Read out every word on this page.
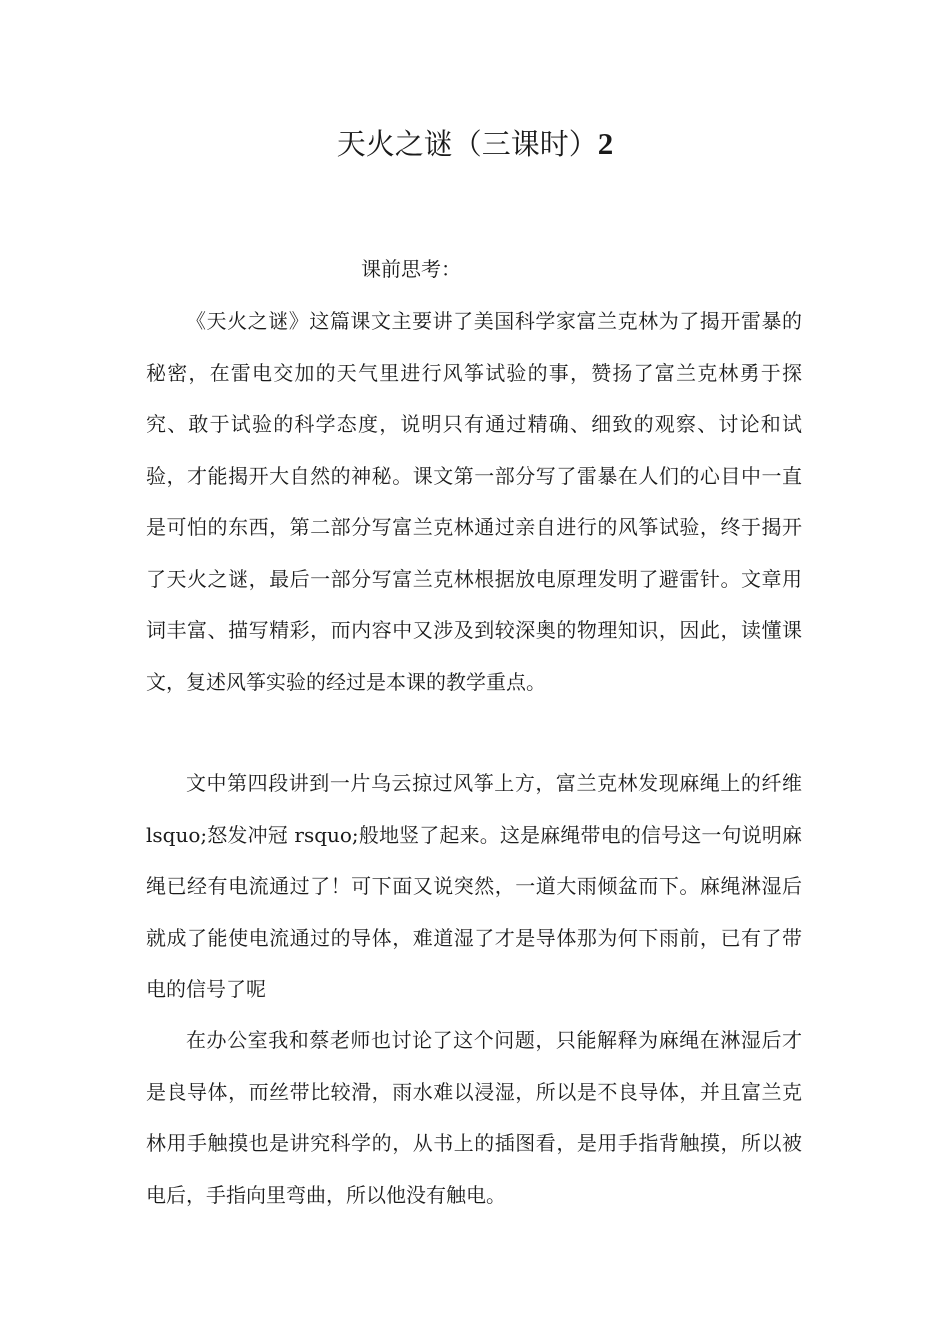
天火之谜（三课时）2
课前思考：

《天火之谜》这篇课文主要讲了美国科学家富兰克林为了揭开雷暴的秘密，在雷电交加的天气里进行风筝试验的事，赞扬了富兰克林勇于探究、敢于试验的科学态度，说明只有通过精确、细致的观察、讨论和试验，才能揭开大自然的神秘。课文第一部分写了雷暴在人们的心目中一直是可怕的东西，第二部分写富兰克林通过亲自进行的风筝试验，终于揭开了天火之谜，最后一部分写富兰克林根据放电原理发明了避雷针。文章用词丰富、描写精彩，而内容中又涉及到较深奥的物理知识，因此，读懂课文，复述风筝实验的经过是本课的教学重点。

文中第四段讲到一片乌云掠过风筝上方，富兰克林发现麻绳上的纤维 lsquo;怒发冲冠 rsquo;般地竖了起来。这是麻绳带电的信号这一句说明麻绳已经有电流通过了！可下面又说突然，一道大雨倾盆而下。麻绳淋湿后就成了能使电流通过的导体，难道湿了才是导体那为何下雨前，已有了带电的信号了呢

在办公室我和蔡老师也讨论了这个问题，只能解释为麻绳在淋湿后才是良导体，而丝带比较滑，雨水难以浸湿，所以是不良导体，并且富兰克林用手触摸也是讲究科学的，从书上的插图看，是用手指背触摸，所以被电后，手指向里弯曲，所以他没有触电。
